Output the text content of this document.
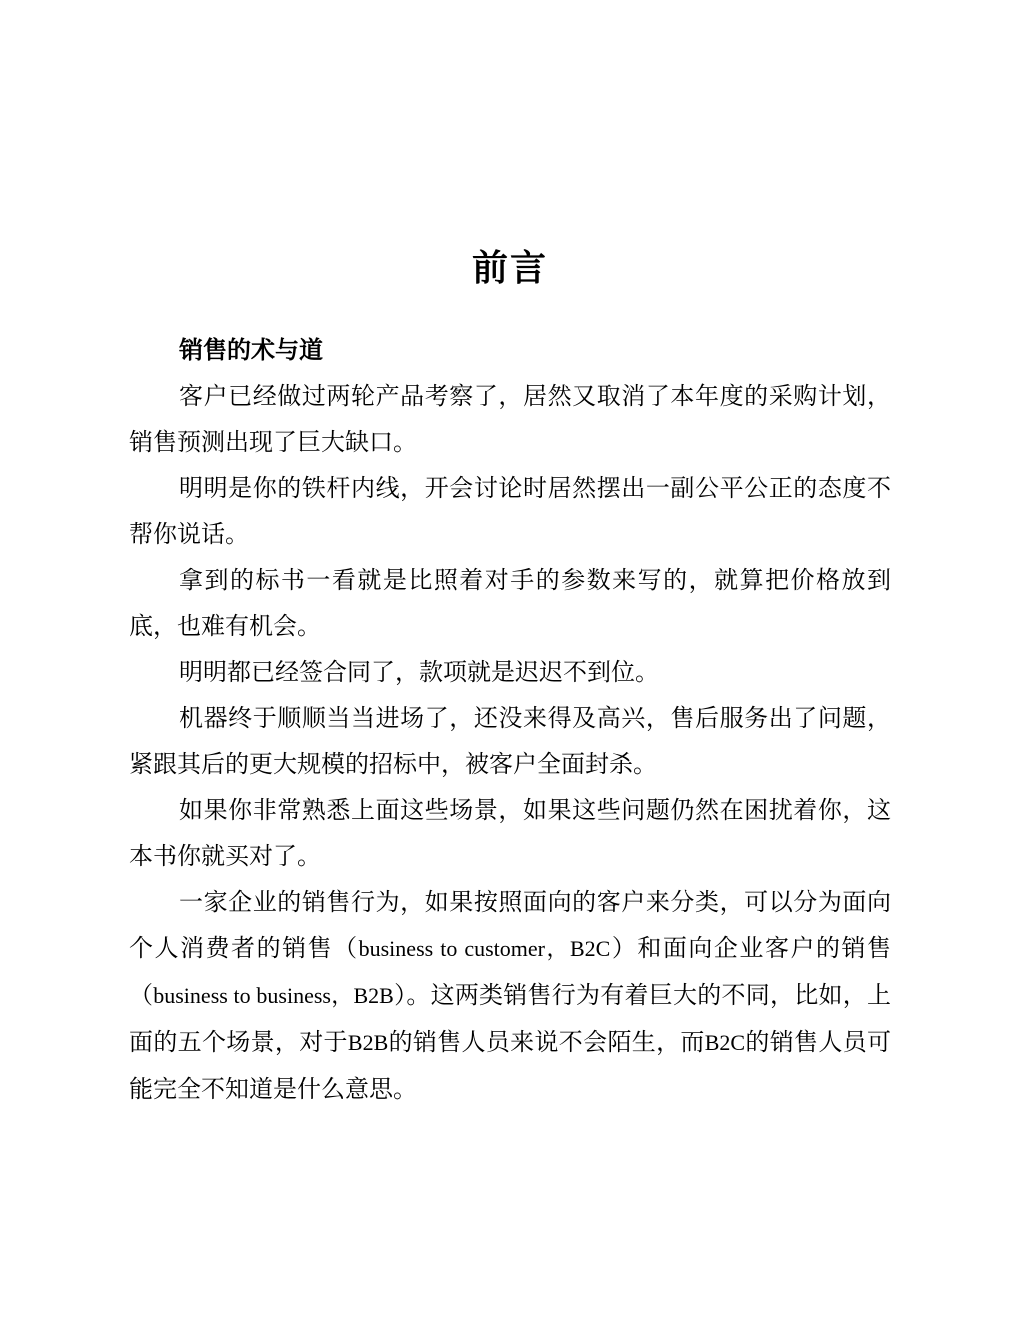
前言

销售的术与道

客户已经做过两轮产品考察了，居然又取消了本年度的采购计划，销售预测出现了巨大缺口。

明明是你的铁杆内线，开会讨论时居然摆出一副公平公正的态度不帮你说话。

拿到的标书一看就是比照着对手的参数来写的，就算把价格放到底，也难有机会。

明明都已经签合同了，款项就是迟迟不到位。

机器终于顺顺当当进场了，还没来得及高兴，售后服务出了问题，紧跟其后的更大规模的招标中，被客户全面封杀。

如果你非常熟悉上面这些场景，如果这些问题仍然在困扰着你，这本书你就买对了。

一家企业的销售行为，如果按照面向的客户来分类，可以分为面向个人消费者的销售（business to customer，B2C）和面向企业客户的销售（business to business，B2B）。这两类销售行为有着巨大的不同，比如，上面的五个场景，对于B2B的销售人员来说不会陌生，而B2C的销售人员可能完全不知道是什么意思。
